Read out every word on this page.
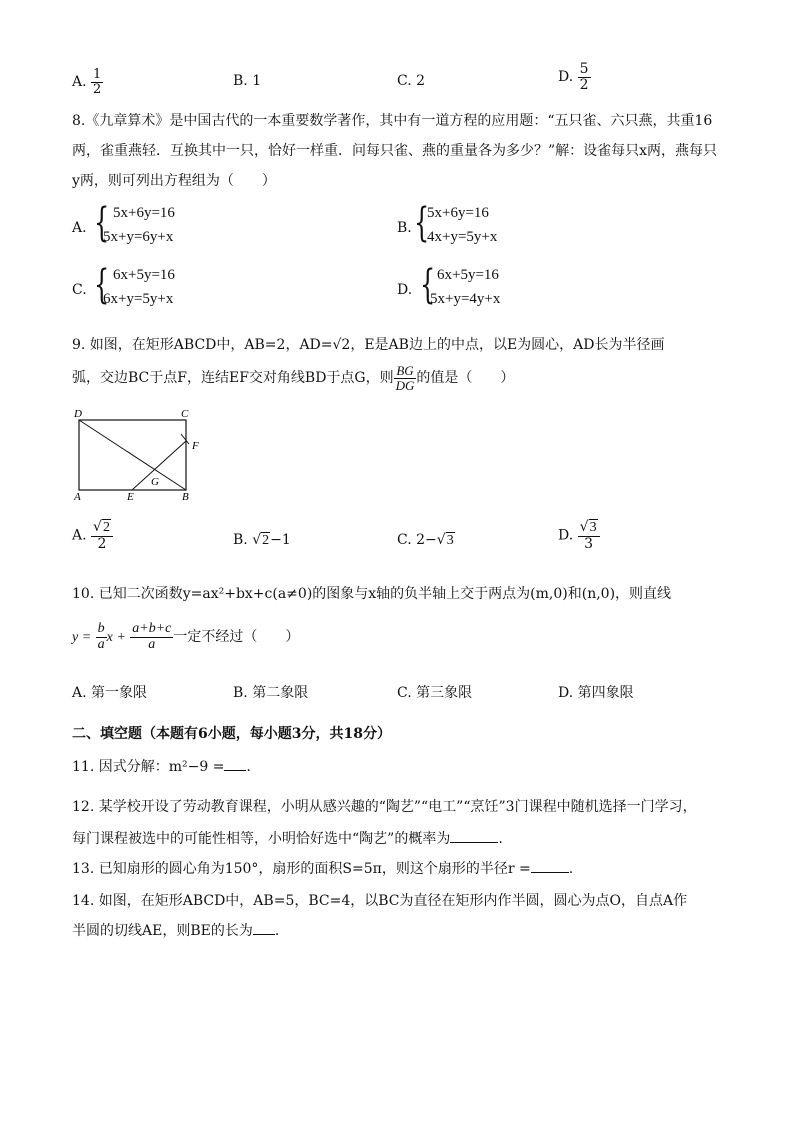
A. $\frac{1}{2}$	B. 1	C. 2	D. $\frac{5}{2}$
8.《九章算术》是中国古代的一本重要数学著作，其中有一道方程的应用题：“五只雀、六只燕，共重16
两，雀重燕轻．互换其中一只，恰好一样重．问每只雀、燕的重量各为多少？”解：设雀每只x两，燕每只
y两，则可列出方程组为（　　）
A. { 5x+6y=16
5x+y=6y+x
B. {
5x+6y=16
4x+y=5y+x
C. { 6x+5y=16
6x+y=5y+x
D. { 6x+5y=16
5x+y=4y+x
9. 如图，在矩形ABCD中，AB=2，AD=√2，E是AB边上的中点，以E为圆心，AD长为半径画
弧，交边BC于点F，连结EF交对角线BD于点G，则 $\frac{BG}{DG}$ 的值是（　　）
D	C
F
G
A	E	B
A. $\frac{√2}{2}$	B. √2−1	C. 2−√3	D. $\frac{√3}{3}$
10. 已知二次函数y=ax²+bx+c(a≠0)的图象与x轴的负半轴上交于两点为(m,0)和(n,0)，则直线
$y = \frac{b}{a}$ $x + \frac{a+b+c}{a}$ 一定不经过（　　）
A. 第一象限	B. 第二象限	C. 第三象限	D. 第四象限
二、填空题（本题有6小题，每小题3分，共18分）
11. 因式分解：m²−9 = .
12. 某学校开设了劳动教育课程，小明从感兴趣的“陶艺”“电工”“烹饪”3门课程中随机选择一门学习，
每门课程被选中的可能性相等，小明恰好选中“陶艺”的概率为	.
13. 已知扇形的圆心角为150°，扇形的面积S=5π，则这个扇形的半径r =	.
14. 如图，在矩形ABCD中，AB=5，BC=4，以BC为直径在矩形内作半圆，圆心为点O，自点A作
半圆的切线AE，则BE的长为 .
